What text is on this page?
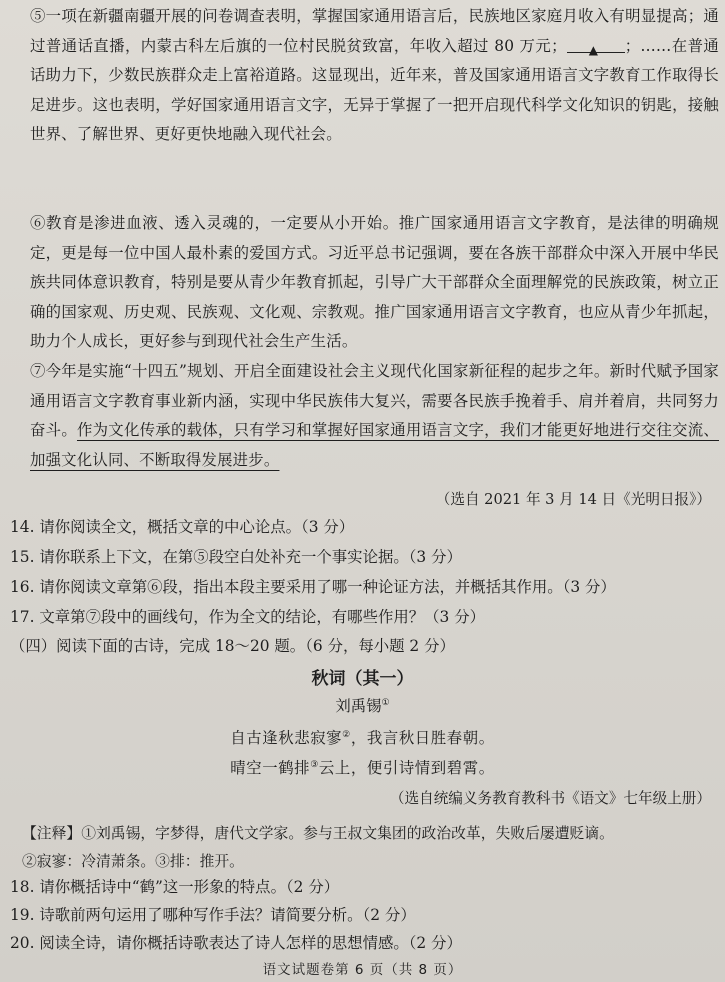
⑤一项在新疆南疆开展的问卷调查表明，掌握国家通用语言后，民族地区家庭月收入有明显提高；通过普通话直播，内蒙古科左后旗的一位村民脱贫致富，年收入超过 80 万元； ▲ ；……在普通话助力下，少数民族群众走上富裕道路。这显现出，近年来，普及国家通用语言文字教育工作取得长足进步。这也表明，学好国家通用语言文字，无异于掌握了一把开启现代科学文化知识的钥匙，接触世界、了解世界、更好更快地融入现代社会。
⑥教育是渗进血液、透入灵魂的，一定要从小开始。推广国家通用语言文字教育，是法律的明确规定，更是每一位中国人最朴素的爱国方式。习近平总书记强调，要在各族干部群众中深入开展中华民族共同体意识教育，特别是要从青少年教育抓起，引导广大干部群众全面理解党的民族政策，树立正确的国家观、历史观、民族观、文化观、宗教观。推广国家通用语言文字教育，也应从青少年抓起，助力个人成长，更好参与到现代社会生产生活。
⑦今年是实施“十四五”规划、开启全面建设社会主义现代化国家新征程的起步之年。新时代赋予国家通用语言文字教育事业新内涵，实现中华民族伟大复兴，需要各民族手挽着手、肩并着肩，共同努力奋斗。作为文化传承的载体，只有学习和掌握好国家通用语言文字，我们才能更好地进行交往交流、加强文化认同、不断取得发展进步。
（选自 2021 年 3 月 14 日《光明日报》）
14. 请你阅读全文，概括文章的中心论点。（3 分）
15. 请你联系上下文，在第⑤段空白处补充一个事实论据。（3 分）
16. 请你阅读文章第⑥段，指出本段主要采用了哪一种论证方法，并概括其作用。（3 分）
17. 文章第⑦段中的画线句，作为全文的结论，有哪些作用？（3 分）
（四）阅读下面的古诗，完成 18～20 题。（6 分，每小题 2 分）
秋词（其一）
刘禹锡①
自古逢秋悲寂寥②，我言秋日胜春朝。
晴空一鹤排③云上，便引诗情到碧霄。
（选自统编义务教育教科书《语文》七年级上册）
【注释】①刘禹锡，字梦得，唐代文学家。参与王叔文集团的政治改革，失败后屡遭贬谪。
②寂寥：冷清萧条。③排：推开。
18. 请你概括诗中“鹤”这一形象的特点。（2 分）
19. 诗歌前两句运用了哪种写作手法？请简要分析。（2 分）
20. 阅读全诗，请你概括诗歌表达了诗人怎样的思想情感。（2 分）
语文试题卷第 6 页（共 8 页）
